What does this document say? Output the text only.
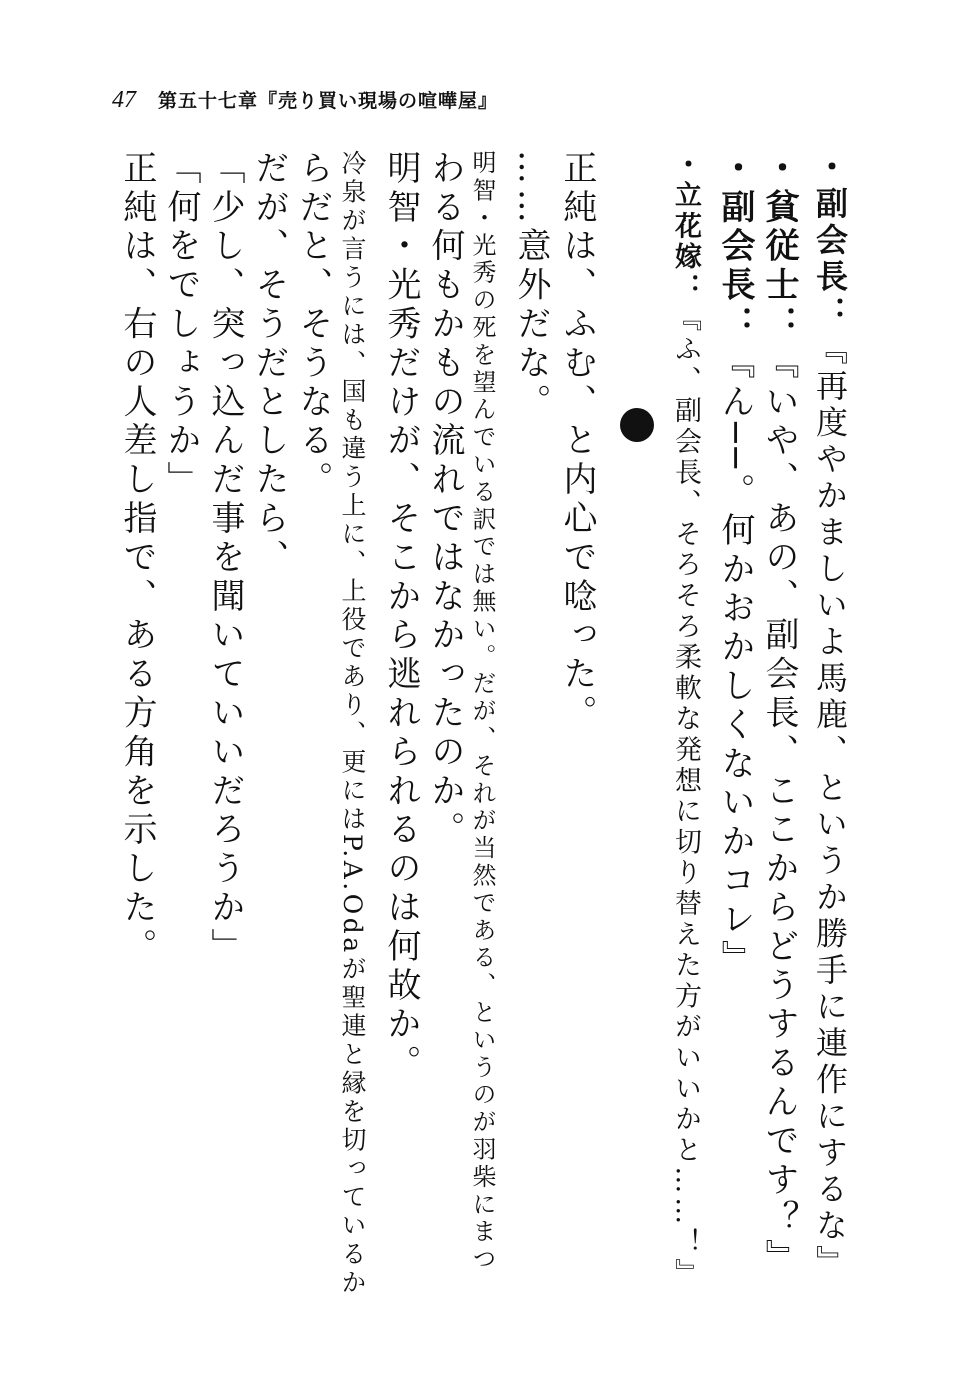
47 第五十七章『売り買い現場の喧嘩屋』
・副会長：『再度やかましいよ馬鹿、というか勝手に連作にするな』
・貧従士：『いや、あの、副会長、ここからどうするんです？』
・副会長：『ん──。何かおかしくないかコレ』
・立花嫁：『ふ、副会長、そろそろ柔軟な発想に切り替えた方がいいかと……！』
正純は、ふむ、と内心で唸った。
……意外だな。
明智・光秀の死を望んでいる訳では無い。だが、それが当然である、というのが羽柴にまつ
わる何もかもの流れではなかったのか。
明智・光秀だけが、そこから逃れられるのは何故か。
冷泉が言うには、国も違う上に、上役であり、更にはP.A.Odaが聖連と縁を切っているか
らだと、そうなる。
だが、そうだとしたら、
「少し、突っ込んだ事を聞いていいだろうか」
「何をでしょうか」
正純は、右の人差し指で、ある方角を示した。
